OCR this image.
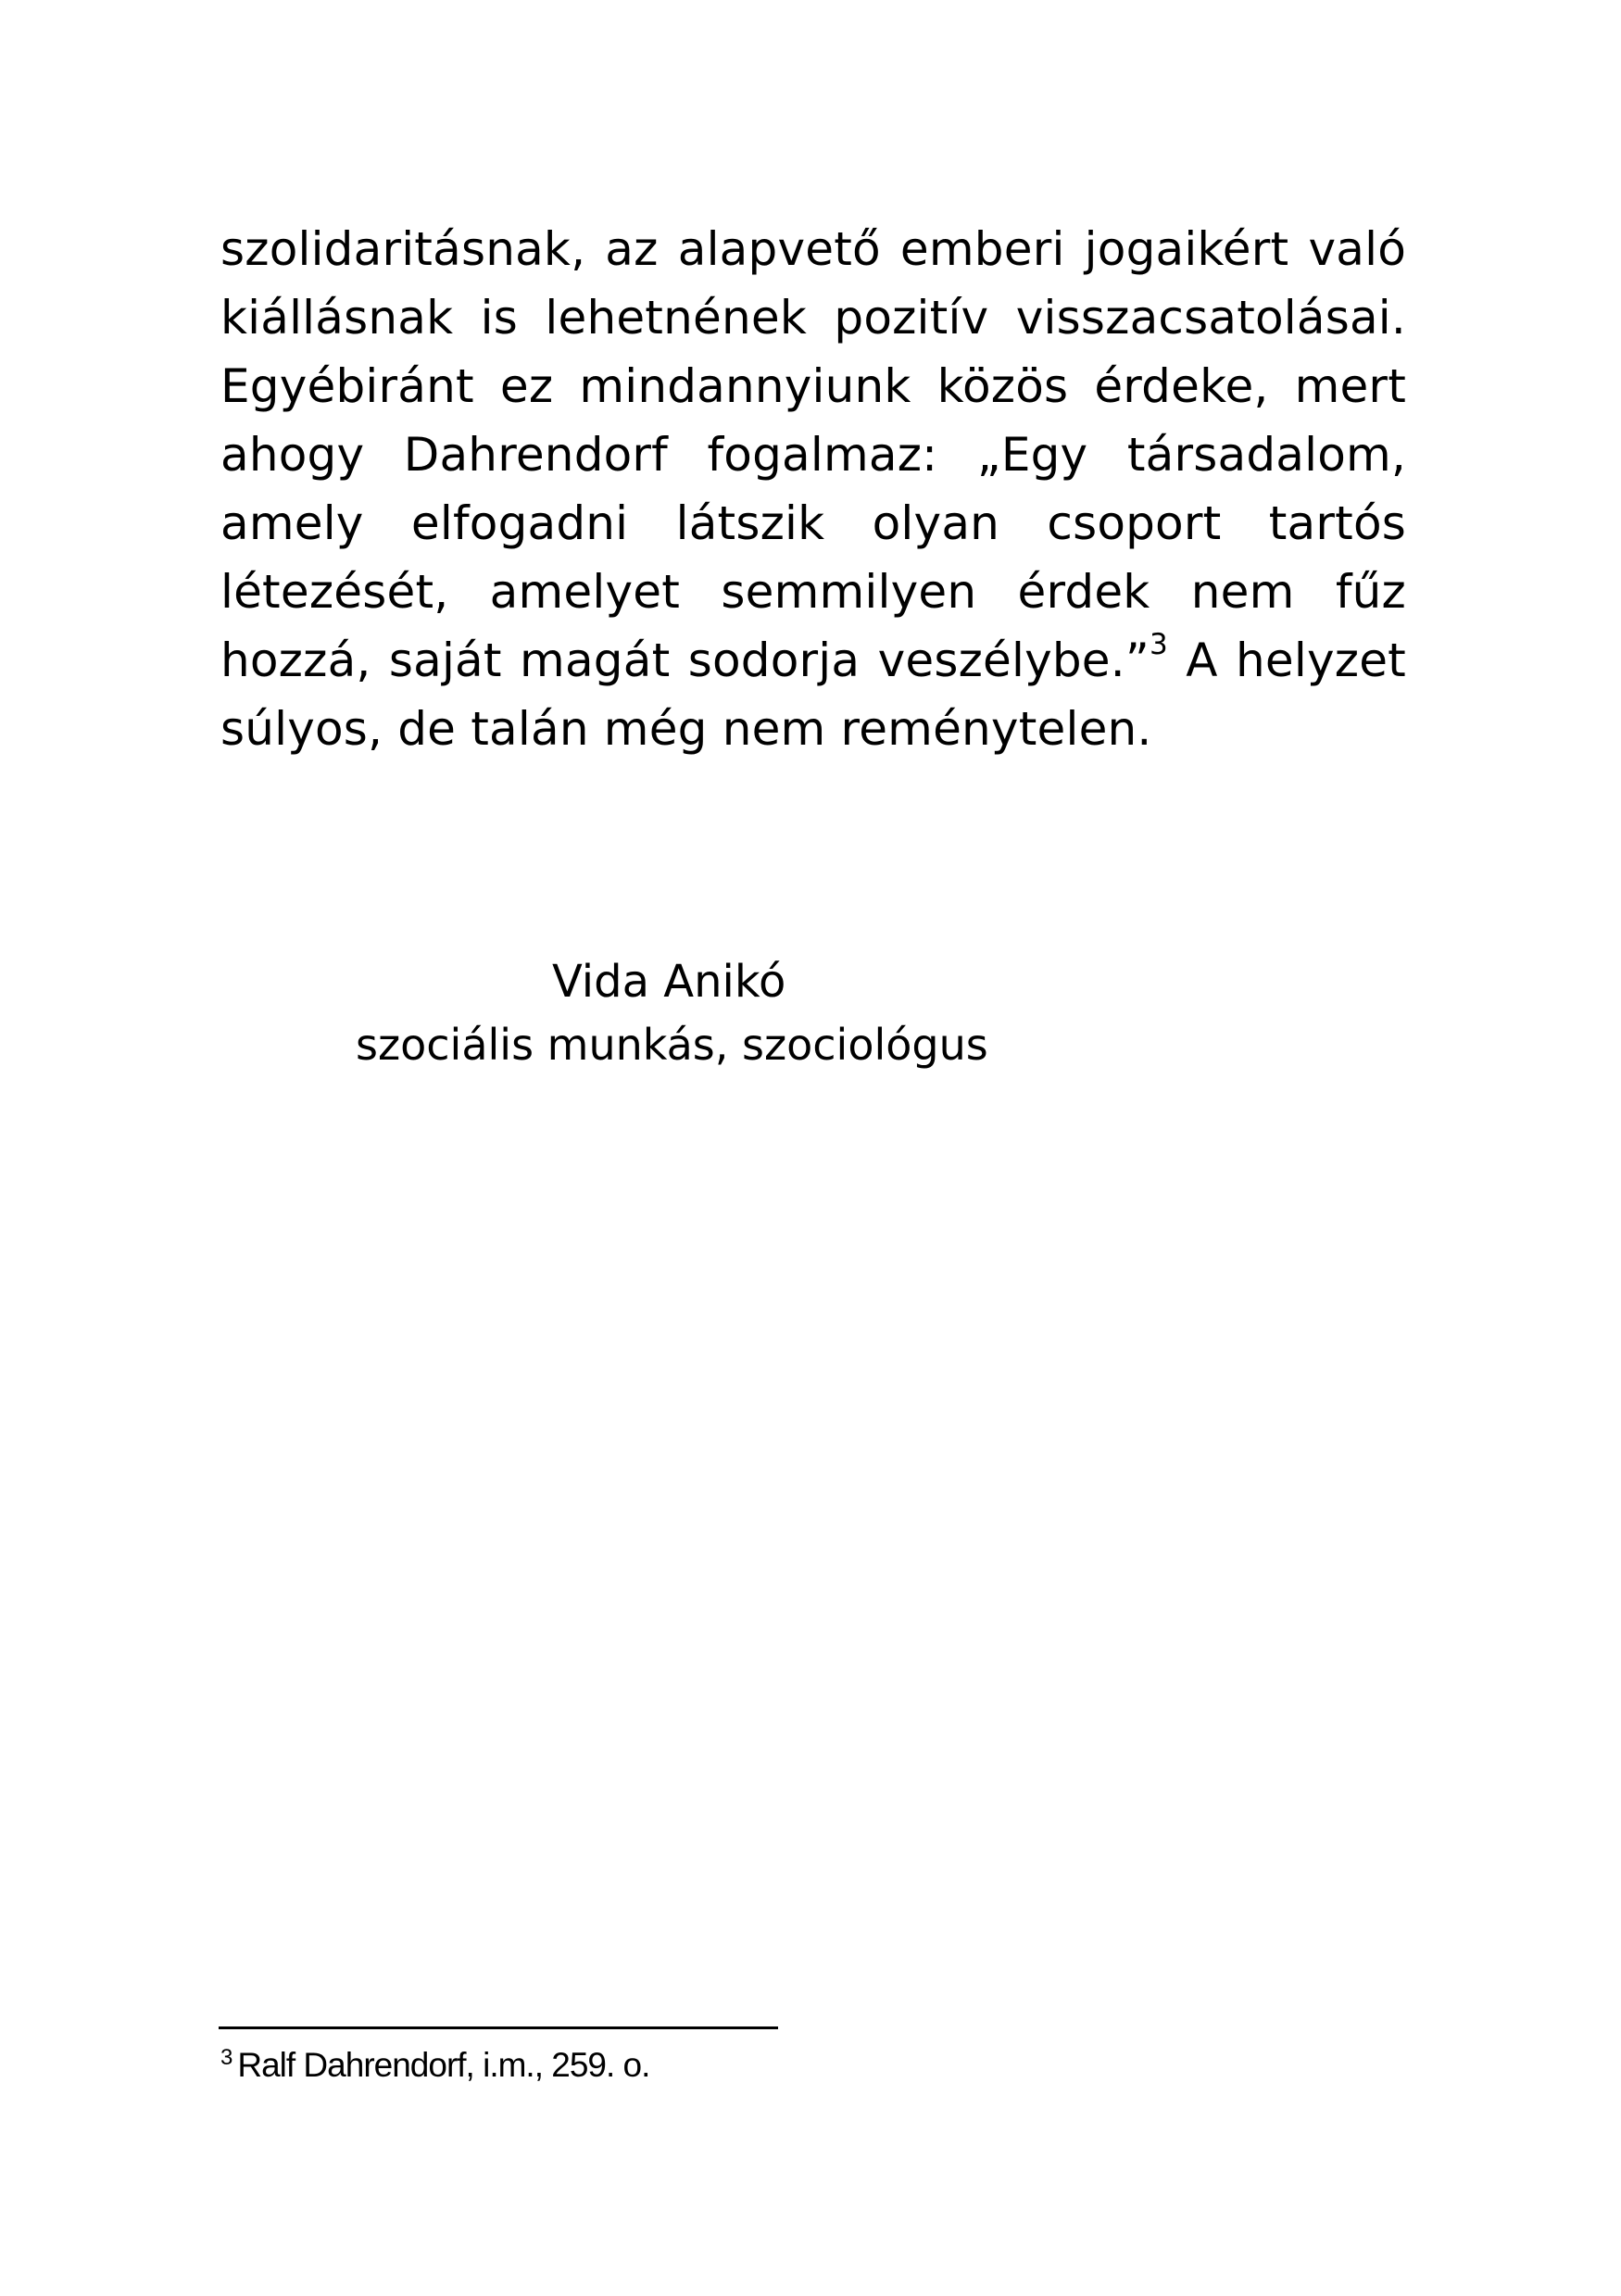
szolidaritásnak, az alapvető emberi jogaikért való kiállásnak is lehetnének pozitív visszacsatolásai. Egyébiránt ez mindannyiunk közös érdeke, mert ahogy Dahrendorf fogalmaz: „Egy társadalom, amely elfogadni látszik olyan csoport tartós létezését, amelyet semmilyen érdek nem fűz hozzá, saját magát sodorja veszélybe.”$^3$ A helyzet súlyos, de talán még nem reménytelen.

Vida Anikó
szociális munkás, szociológus
$^3$ Ralf Dahrendorf, i.m., 259. o.
